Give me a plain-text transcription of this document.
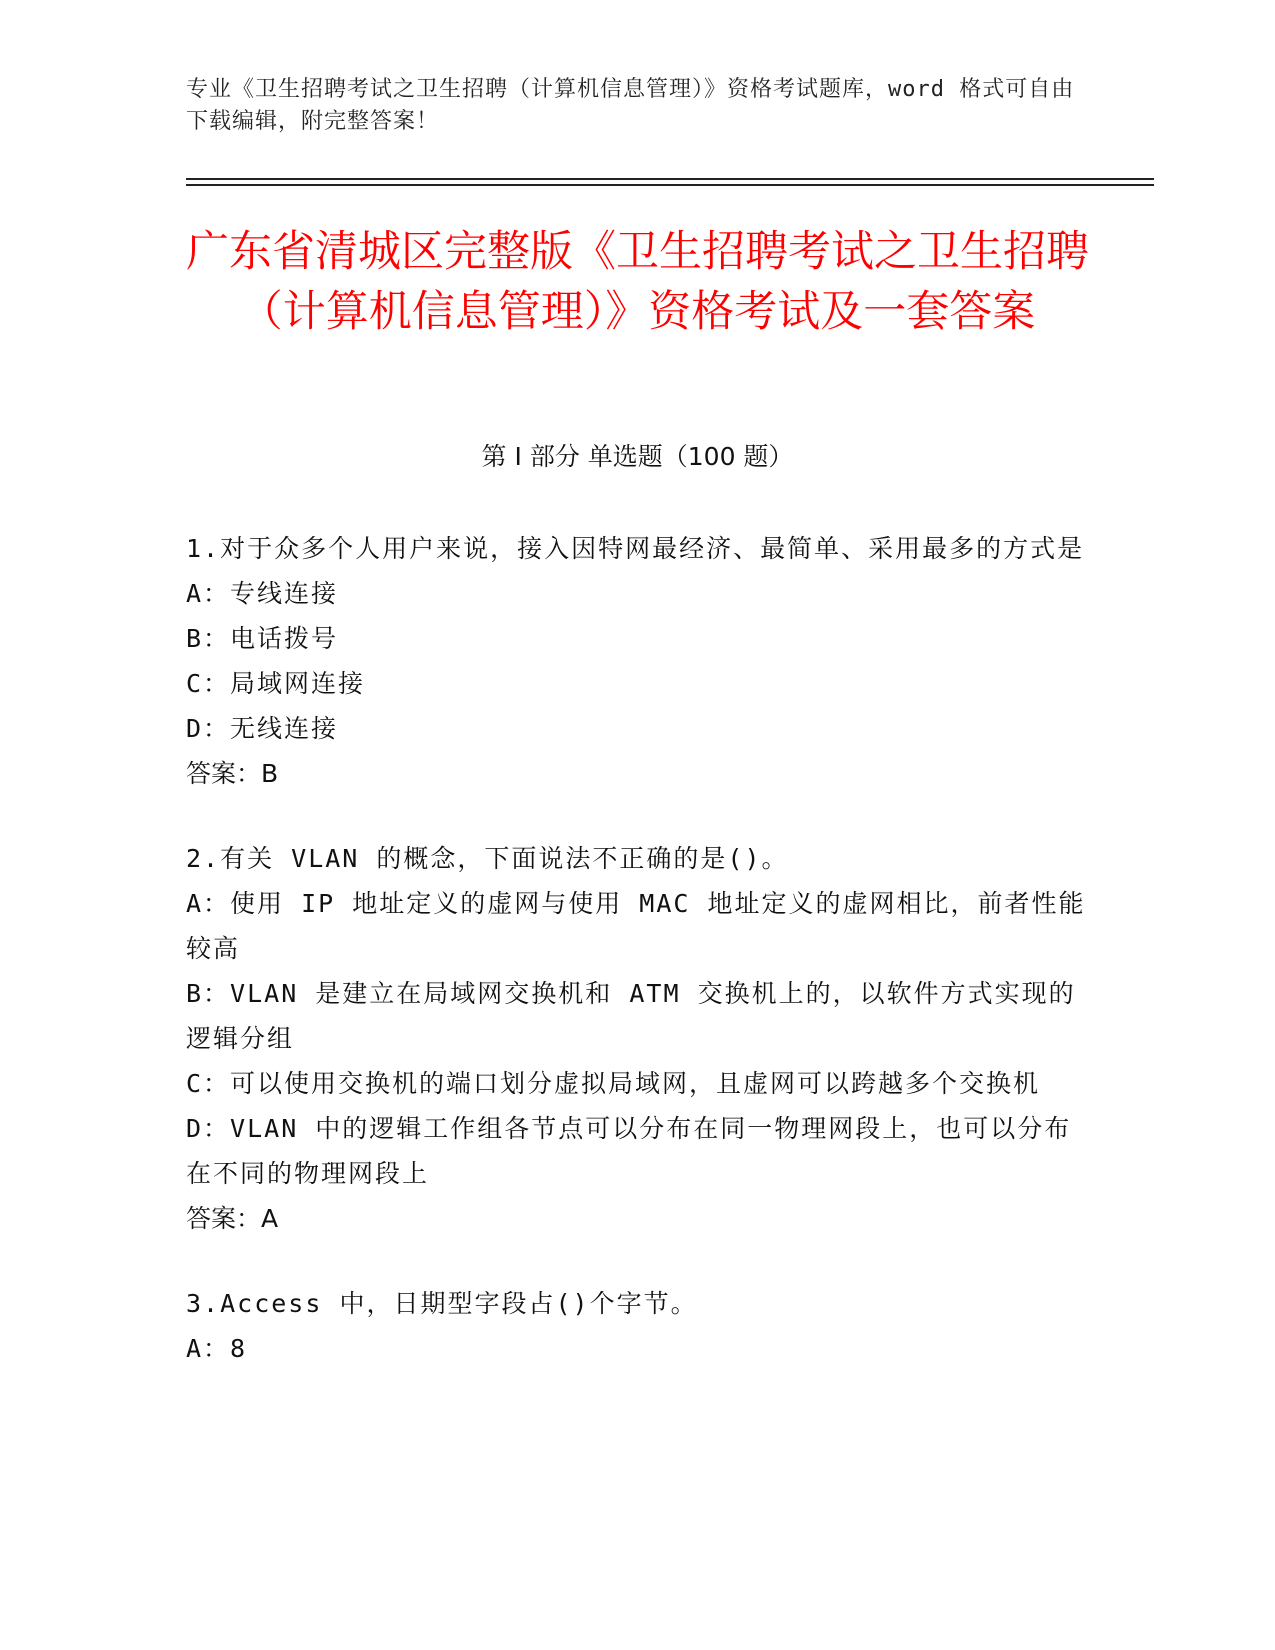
专业《卫生招聘考试之卫生招聘（计算机信息管理）》资格考试题库，word 格式可自由下载编辑，附完整答案！
广东省清城区完整版《卫生招聘考试之卫生招聘（计算机信息管理）》资格考试及一套答案
第 I 部分 单选题（100 题）

1.对于众多个人用户来说，接入因特网最经济、最简单、采用最多的方式是

A：专线连接

B：电话拨号

C：局域网连接

D：无线连接

答案：B

2.有关 VLAN 的概念，下面说法不正确的是()。

A：使用 IP 地址定义的虚网与使用 MAC 地址定义的虚网相比，前者性能较高

B：VLAN 是建立在局域网交换机和 ATM 交换机上的，以软件方式实现的逻辑分组

C：可以使用交换机的端口划分虚拟局域网，且虚网可以跨越多个交换机

D：VLAN 中的逻辑工作组各节点可以分布在同一物理网段上，也可以分布在不同的物理网段上

答案：A

3.Access 中，日期型字段占()个字节。

A：8
